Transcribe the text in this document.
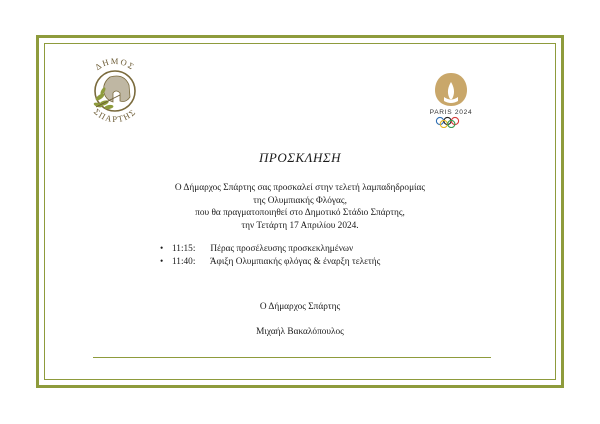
ΔΗΜΟΣ
ΣΠΑΡΤΗΣ	PARIS 2024
ΠΡΟΣΚΛΗΣΗ
Ο Δήμαρχος Σπάρτης σας προσκαλεί στην τελετή λαμπαδηδρομίας
της Ολυμπιακής Φλόγας,
που θα πραγματοποιηθεί στο Δημοτικό Στάδιο Σπάρτης,
την Τετάρτη 17 Απριλίου 2024.
• 11:15: Πέρας προσέλευσης προσκεκλημένων
• 11:40: Άφιξη Ολυμπιακής φλόγας & έναρξη τελετής
Ο Δήμαρχος Σπάρτης
Μιχαήλ Βακαλόπουλος
